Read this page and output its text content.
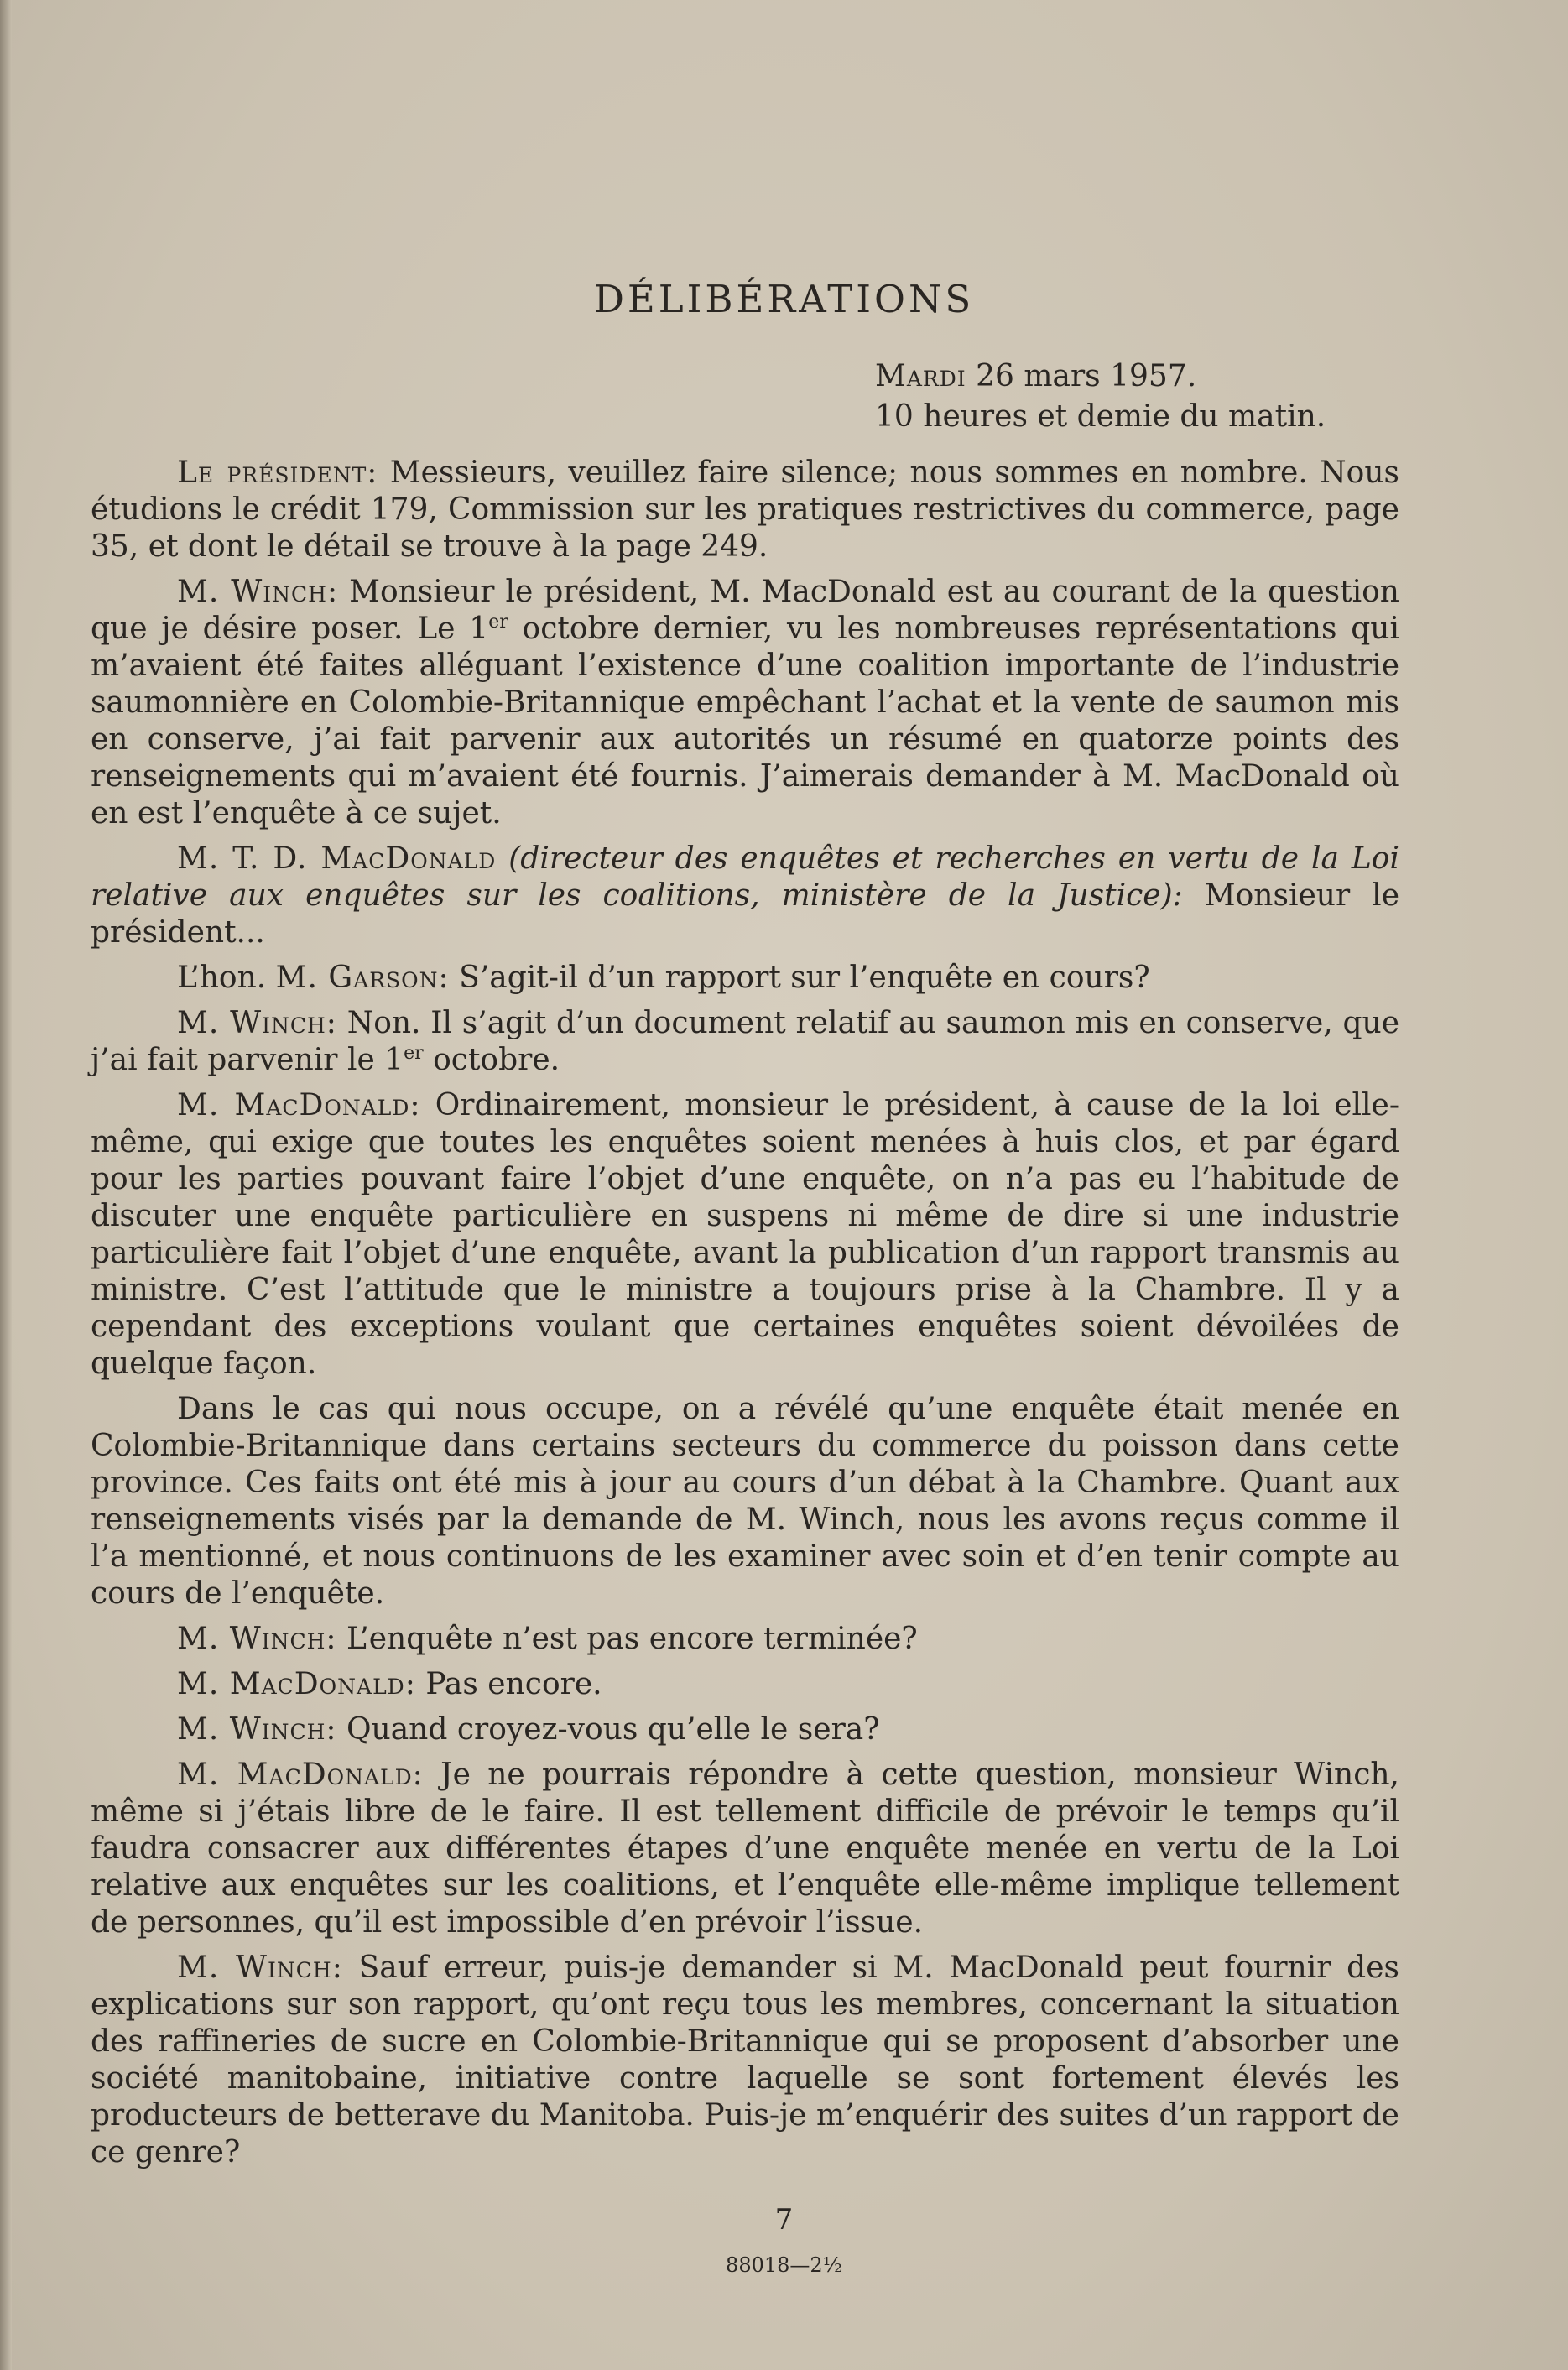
DÉLIBÉRATIONS
Mardi 26 mars 1957.
10 heures et demie du matin.

Le président: Messieurs, veuillez faire silence; nous sommes en nombre. Nous étudions le crédit 179, Commission sur les pratiques restrictives du commerce, page 35, et dont le détail se trouve à la page 249.

M. Winch: Monsieur le président, M. MacDonald est au courant de la question que je désire poser. Le 1er octobre dernier, vu les nombreuses représentations qui m’avaient été faites alléguant l’existence d’une coalition importante de l’industrie saumonnière en Colombie-Britannique empêchant l’achat et la vente de saumon mis en conserve, j’ai fait parvenir aux autorités un résumé en quatorze points des renseignements qui m’avaient été fournis. J’aimerais demander à M. MacDonald où en est l’enquête à ce sujet.

M. T. D. MacDonald (directeur des enquêtes et recherches en vertu de la Loi relative aux enquêtes sur les coalitions, ministère de la Justice): Monsieur le président...

L’hon. M. Garson: S’agit-il d’un rapport sur l’enquête en cours?

M. Winch: Non. Il s’agit d’un document relatif au saumon mis en conserve, que j’ai fait parvenir le 1er octobre.

M. MacDonald: Ordinairement, monsieur le président, à cause de la loi elle-même, qui exige que toutes les enquêtes soient menées à huis clos, et par égard pour les parties pouvant faire l’objet d’une enquête, on n’a pas eu l’habitude de discuter une enquête particulière en suspens ni même de dire si une industrie particulière fait l’objet d’une enquête, avant la publication d’un rapport transmis au ministre. C’est l’attitude que le ministre a toujours prise à la Chambre. Il y a cependant des exceptions voulant que certaines enquêtes soient dévoilées de quelque façon.

Dans le cas qui nous occupe, on a révélé qu’une enquête était menée en Colombie-Britannique dans certains secteurs du commerce du poisson dans cette province. Ces faits ont été mis à jour au cours d’un débat à la Chambre. Quant aux renseignements visés par la demande de M. Winch, nous les avons reçus comme il l’a mentionné, et nous continuons de les examiner avec soin et d’en tenir compte au cours de l’enquête.

M. Winch: L’enquête n’est pas encore terminée?

M. MacDonald: Pas encore.

M. Winch: Quand croyez-vous qu’elle le sera?

M. MacDonald: Je ne pourrais répondre à cette question, monsieur Winch, même si j’étais libre de le faire. Il est tellement difficile de prévoir le temps qu’il faudra consacrer aux différentes étapes d’une enquête menée en vertu de la Loi relative aux enquêtes sur les coalitions, et l’enquête elle-même implique tellement de personnes, qu’il est impossible d’en prévoir l’issue.

M. Winch: Sauf erreur, puis-je demander si M. MacDonald peut fournir des explications sur son rapport, qu’ont reçu tous les membres, concernant la situation des raffineries de sucre en Colombie-Britannique qui se proposent d’absorber une société manitobaine, initiative contre laquelle se sont fortement élevés les producteurs de betterave du Manitoba. Puis-je m’enquérir des suites d’un rapport de ce genre?

7
88018—2½
